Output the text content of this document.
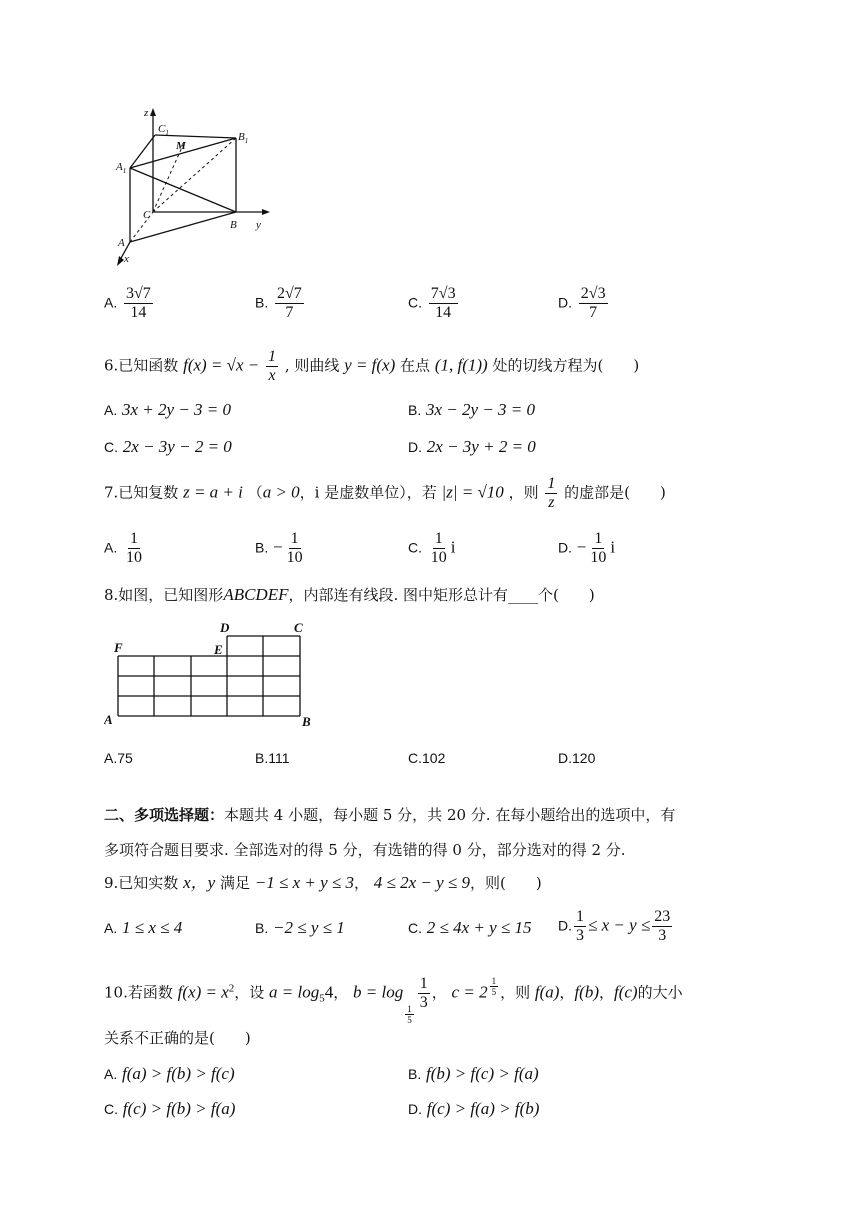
z
$C_1$	$B_1$
M
$A_1$
C
B y
A
x
A. $\frac{3√7}{14}$	B. $\frac{2√7}{7}$	C. $\frac{7√3}{14}$	D. $\frac{2√3}{7}$
6.已知函数 $f(x) = √x - \frac{1}{x}$ , 则曲线 y = f(x) 在点 (1, f(1)) 处的切线方程为(　　)
A. 3x + 2y − 3 = 0	B. 3x − 2y − 3 = 0
C. 2x − 3y − 2 = 0	D. 2x − 3y + 2 = 0
7.已知复数 z = a + i （a > 0，i 是虚数单位），若 |z| = √10 ，则 $\frac{1}{z}$ 的虚部是(　　)
A. $\frac{1}{10}$	B. − $\frac{1}{10}$	C. $\frac{1}{10}$ i	D. − $\frac{1}{10}$ i
8.如图，已知图形ABCDEF，内部连有线段. 图中矩形总计有____个(　　)
D	C
F	E
A	B
A.75	B.111	C.102	D.120
二、多项选择题：本题共 4 小题，每小题 5 分，共 20 分. 在每小题给出的选项中，有
多项符合题目要求. 全部选对的得 5 分，有选错的得 0 分，部分选对的得 2 分.
9.已知实数 x，y 满足 −1 ≤ x + y ≤ 3， 4 ≤ 2x − y ≤ 9，则(　　)
A. 1 ≤ x ≤ 4	B. −2 ≤ y ≤ 1	C. 2 ≤ 4x + y ≤ 15 D. $\frac{1}{3} \le x - y \le \frac{23}{3}$
10.若函数 $f(x) = x^2$，设 $a = \log_54$， b = log
$\frac{1}{5}$
$\frac{1}{3}$ ， $c = 2 \frac{1}{5}$ ，则 f(a)，f(b)，f(c)的大小
关系不正确的是(　　)
A. f(a) > f(b) > f(c)	B. f(b) > f(c) > f(a)
C. f(c) > f(b) > f(a)	D. f(c) > f(a) > f(b)
